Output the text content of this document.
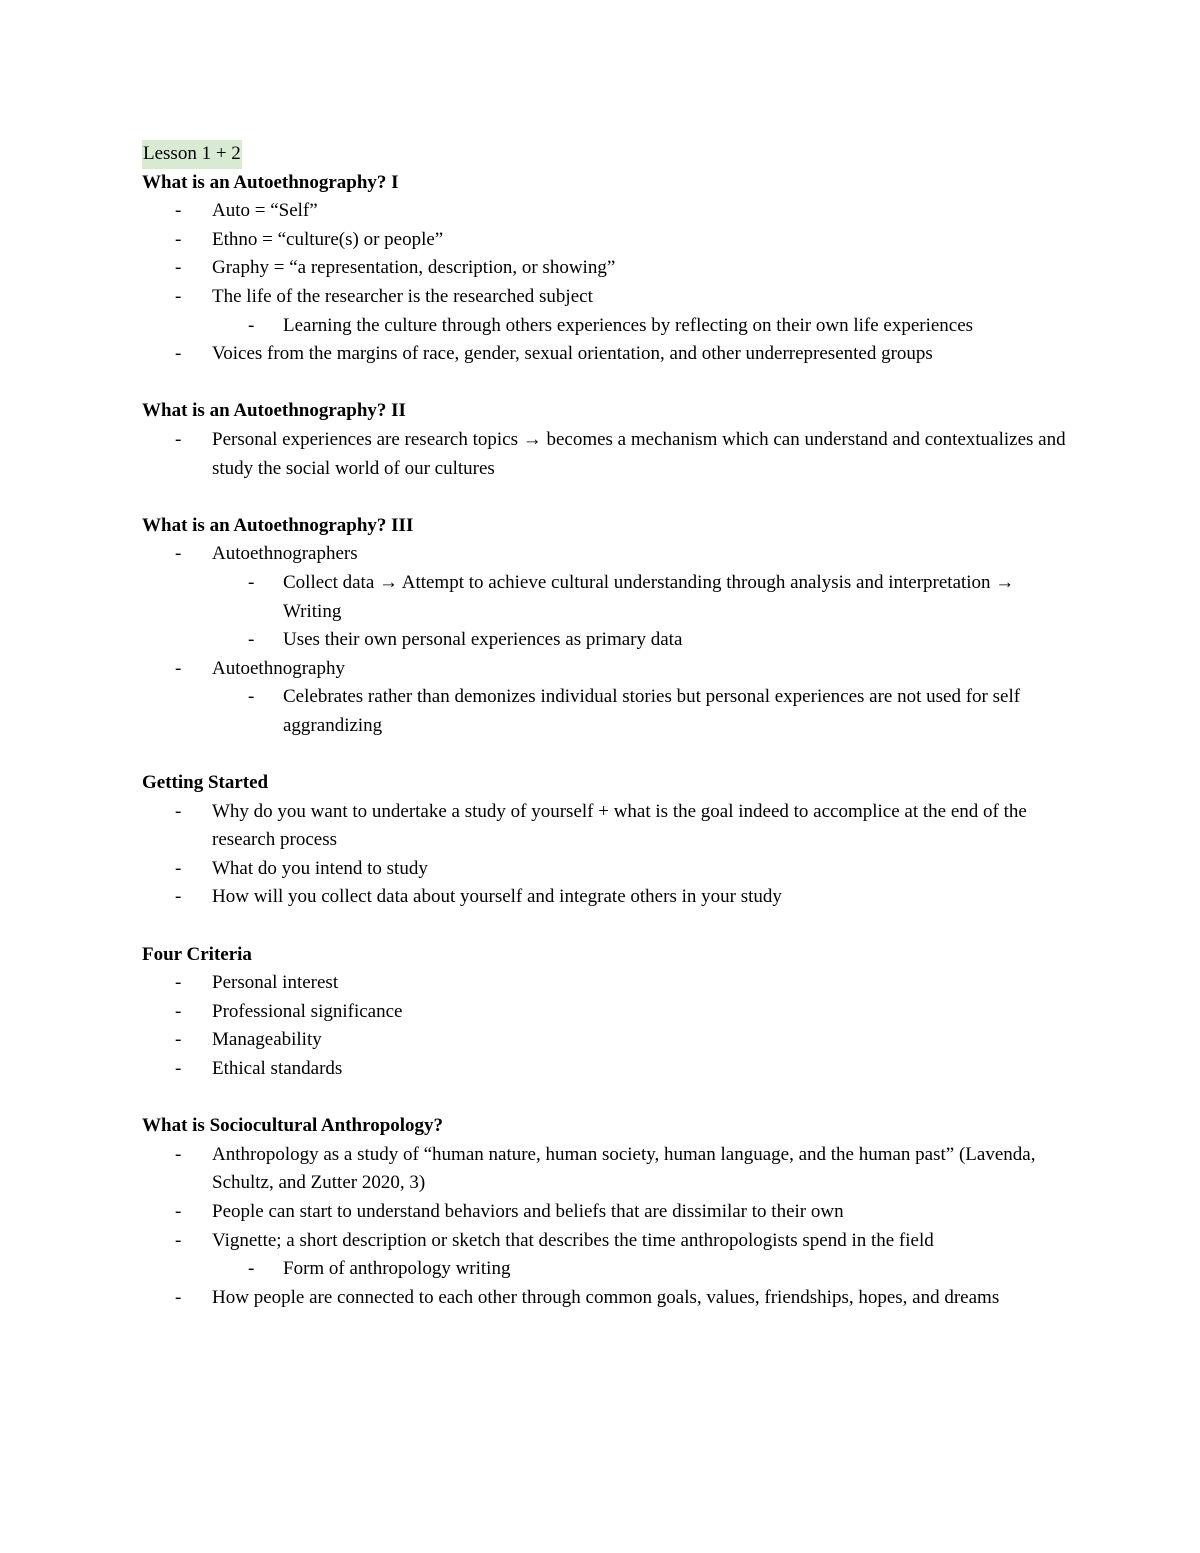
Lesson 1 + 2
What is an Autoethnography? I
- Auto = “Self”
- Ethno = “culture(s) or people”
- Graphy = “a representation, description, or showing”
- The life of the researcher is the researched subject
- Learning the culture through others experiences by reflecting on their own life experiences
- Voices from the margins of race, gender, sexual orientation, and other underrepresented groups
What is an Autoethnography? II
- Personal experiences are research topics → becomes a mechanism which can understand and contextualizes and study the social world of our cultures
What is an Autoethnography? III
- Autoethnographers
- Collect data → Attempt to achieve cultural understanding through analysis and interpretation → Writing
- Uses their own personal experiences as primary data
- Autoethnography
- Celebrates rather than demonizes individual stories but personal experiences are not used for self aggrandizing
Getting Started
- Why do you want to undertake a study of yourself + what is the goal indeed to accomplice at the end of the research process
- What do you intend to study
- How will you collect data about yourself and integrate others in your study
Four Criteria
- Personal interest
- Professional significance
- Manageability
- Ethical standards
What is Sociocultural Anthropology?
- Anthropology as a study of “human nature, human society, human language, and the human past” (Lavenda, Schultz, and Zutter 2020, 3)
- People can start to understand behaviors and beliefs that are dissimilar to their own
- Vignette; a short description or sketch that describes the time anthropologists spend in the field
- Form of anthropology writing
- How people are connected to each other through common goals, values, friendships, hopes, and dreams
